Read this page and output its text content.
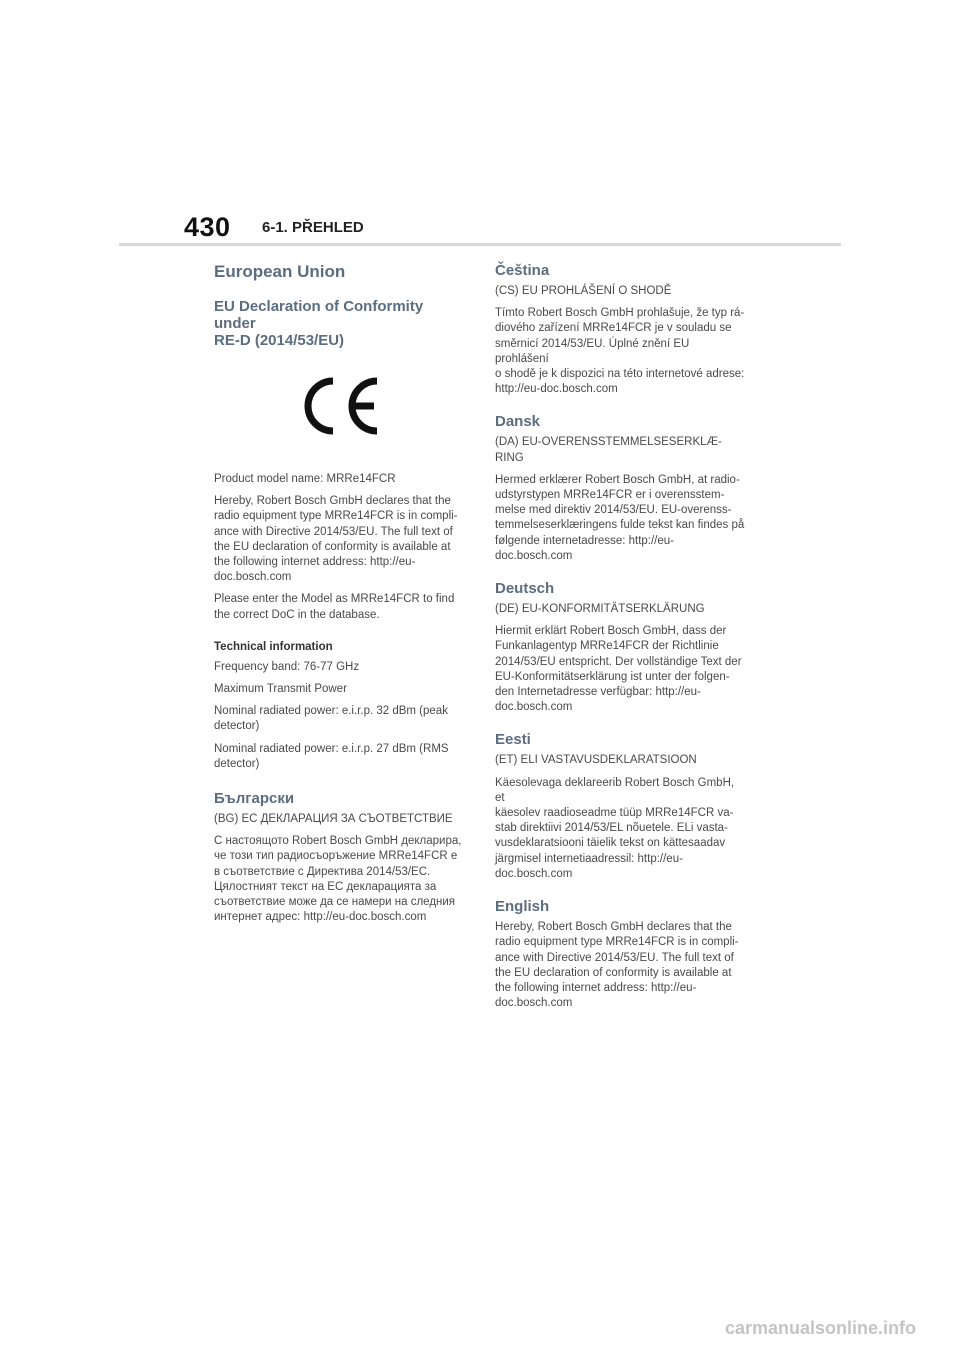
430 6-1. PŘEHLED
European Union
EU Declaration of Conformity under
RE-D (2014/53/EU)

Product model name: MRRe14FCR

Hereby, Robert Bosch GmbH declares that the
radio equipment type MRRe14FCR is in compli-
ance with Directive 2014/53/EU. The full text of
the EU declaration of conformity is available at
the following internet address: http://eu-
doc.bosch.com

Please enter the Model as MRRe14FCR to find
the correct DoC in the database.

Technical information

Frequency band: 76-77 GHz

Maximum Transmit Power

Nominal radiated power: e.i.r.p. 32 dBm (peak
detector)

Nominal radiated power: e.i.r.p. 27 dBm (RMS
detector)

Български

(BG) ЕС ДЕКЛАРАЦИЯ ЗА СЪОТВЕТСТВИЕ

С настоящото Robert Bosch GmbH декларира,
че този тип радиосъоръжение MRRe14FCR е
в съответствие с Директива 2014/53/ЕС.
Цялостният текст на ЕС декларацията за
съответствие може да се намери на следния
интернет адрес: http://eu-doc.bosch.com

Čeština

(CS) EU PROHLÁŠENÍ O SHODĚ

Tímto Robert Bosch GmbH prohlašuje, že typ rá-
diového zařízení MRRe14FCR je v souladu se
směrnicí 2014/53/EU. Úplné znění EU prohlášení
o shodě je k dispozici na této internetové adrese:
http://eu-doc.bosch.com

Dansk

(DA) EU-OVERENSSTEMMELSESERKLÆ-
RING

Hermed erklærer Robert Bosch GmbH, at radio-
udstyrstypen MRRe14FCR er i overensstem-
melse med direktiv 2014/53/EU. EU-overenss-
temmelseserklæringens fulde tekst kan findes på
følgende internetadresse: http://eu-
doc.bosch.com

Deutsch

(DE) EU-KONFORMITÄTSERKLÄRUNG

Hiermit erklärt Robert Bosch GmbH, dass der
Funkanlagentyp MRRe14FCR der Richtlinie
2014/53/EU entspricht. Der vollständige Text der
EU-Konformitätserklärung ist unter der folgen-
den Internetadresse verfügbar: http://eu-
doc.bosch.com

Eesti

(ET) ELI VASTAVUSDEKLARATSIOON

Käesolevaga deklareerib Robert Bosch GmbH, et
käesolev raadioseadme tüüp MRRe14FCR va-
stab direktiivi 2014/53/EL nõuetele. ELi vasta-
vusdeklaratsiooni täielik tekst on kättesaadav
järgmisel internetiaadressil: http://eu-
doc.bosch.com

English

Hereby, Robert Bosch GmbH declares that the
radio equipment type MRRe14FCR is in compli-
ance with Directive 2014/53/EU. The full text of
the EU declaration of conformity is available at
the following internet address: http://eu-
doc.bosch.com

carmanualsonline.info
